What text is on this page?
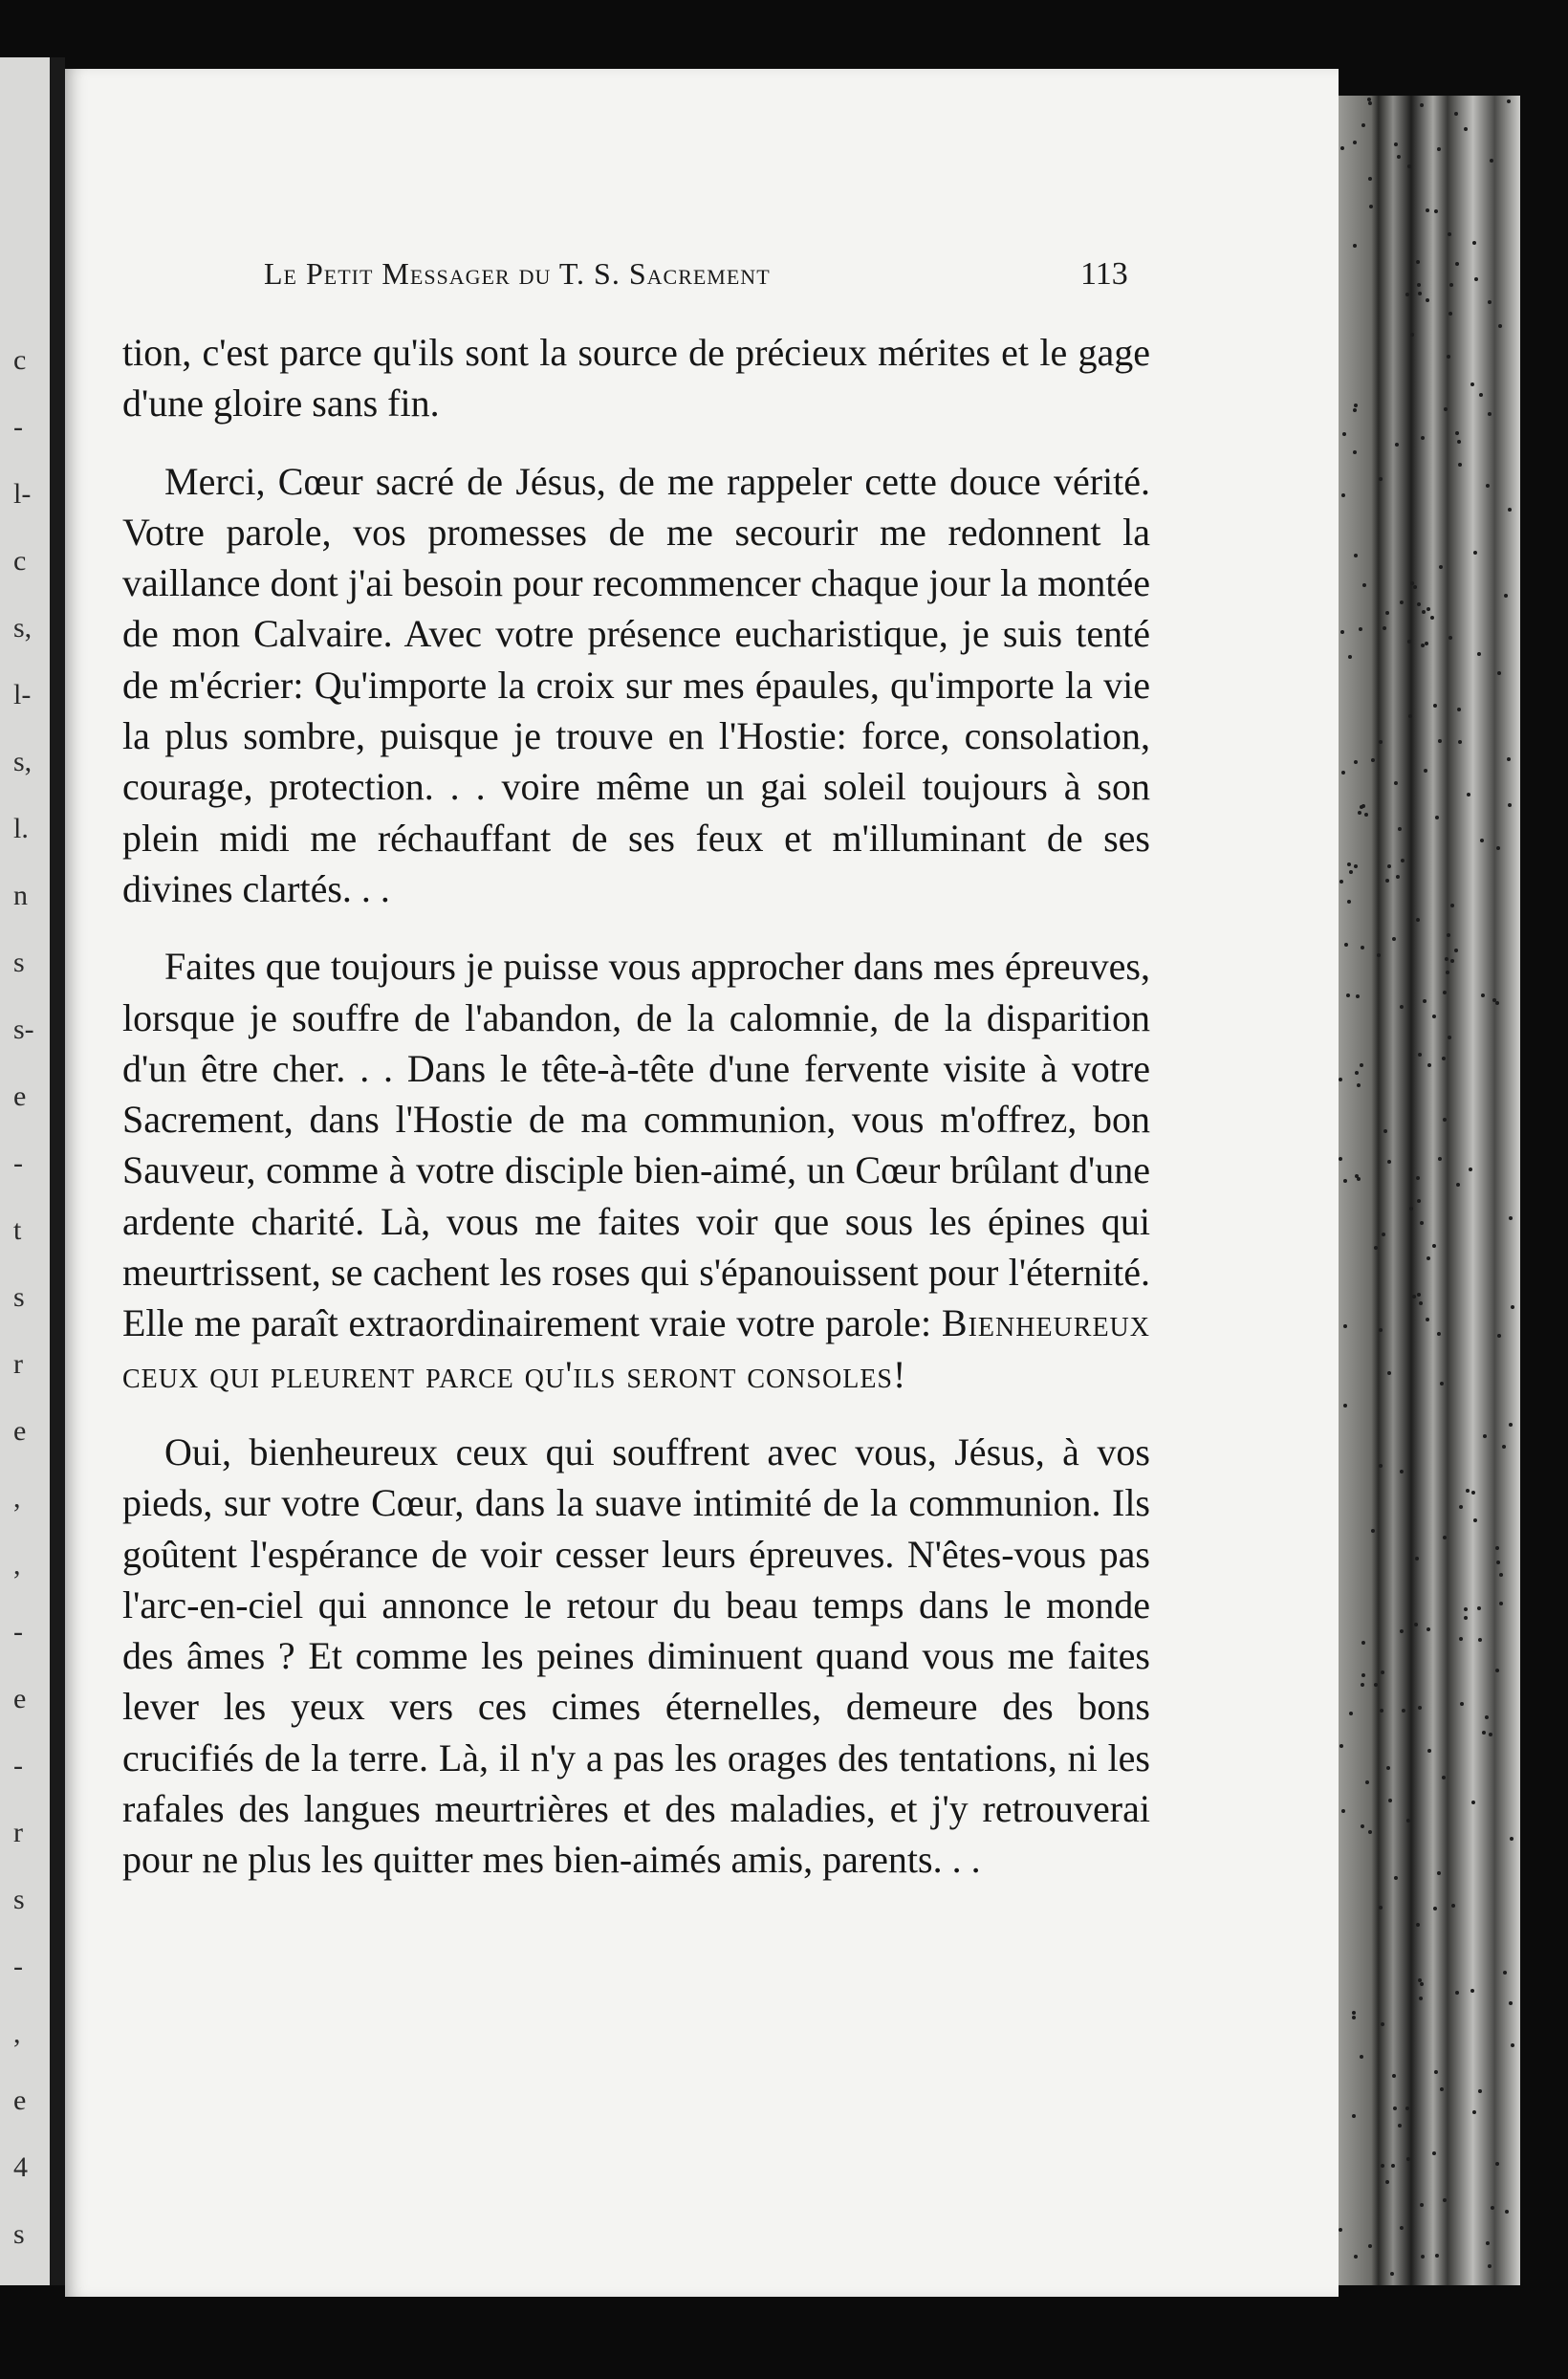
c
-
l-
c
s,
l-
s,
l.
n
s
s-
e
-
t
s
r
e
,
,
-
e
-
r
s
-
,
e
4
s
Le Petit Messager du T. S. Sacrement	113

tion, c'est parce qu'ils sont la source de précieux mérites et le gage d'une gloire sans fin.

Merci, Cœur sacré de Jésus, de me rappeler cette douce vérité. Votre parole, vos promesses de me secourir me redonnent la vaillance dont j'ai besoin pour recommencer chaque jour la montée de mon Calvaire. Avec votre présence eucharistique, je suis tenté de m'écrier: Qu'importe la croix sur mes épaules, qu'importe la vie la plus sombre, puisque je trouve en l'Hostie: force, consolation, courage, protection. . . voire même un gai soleil toujours à son plein midi me réchauffant de ses feux et m'illuminant de ses divines clartés. . .

Faites que toujours je puisse vous approcher dans mes épreuves, lorsque je souffre de l'abandon, de la calomnie, de la disparition d'un être cher. . . Dans le tête-à-tête d'une fervente visite à votre Sacrement, dans l'Hostie de ma communion, vous m'offrez, bon Sauveur, comme à votre disciple bien-aimé, un Cœur brûlant d'une ardente charité. Là, vous me faites voir que sous les épines qui meurtrissent, se cachent les roses qui s'épanouissent pour l'éternité. Elle me paraît extraordinairement vraie votre parole: Bienheureux ceux qui pleurent parce qu'ils seront consoles!

Oui, bienheureux ceux qui souffrent avec vous, Jésus, à vos pieds, sur votre Cœur, dans la suave intimité de la communion. Ils goûtent l'espérance de voir cesser leurs épreuves. N'êtes-vous pas l'arc-en-ciel qui annonce le retour du beau temps dans le monde des âmes ? Et comme les peines diminuent quand vous me faites lever les yeux vers ces cimes éternelles, demeure des bons crucifiés de la terre. Là, il n'y a pas les orages des tentations, ni les rafales des langues meurtrières et des maladies, et j'y retrouverai pour ne plus les quitter mes bien-aimés amis, parents. . .
